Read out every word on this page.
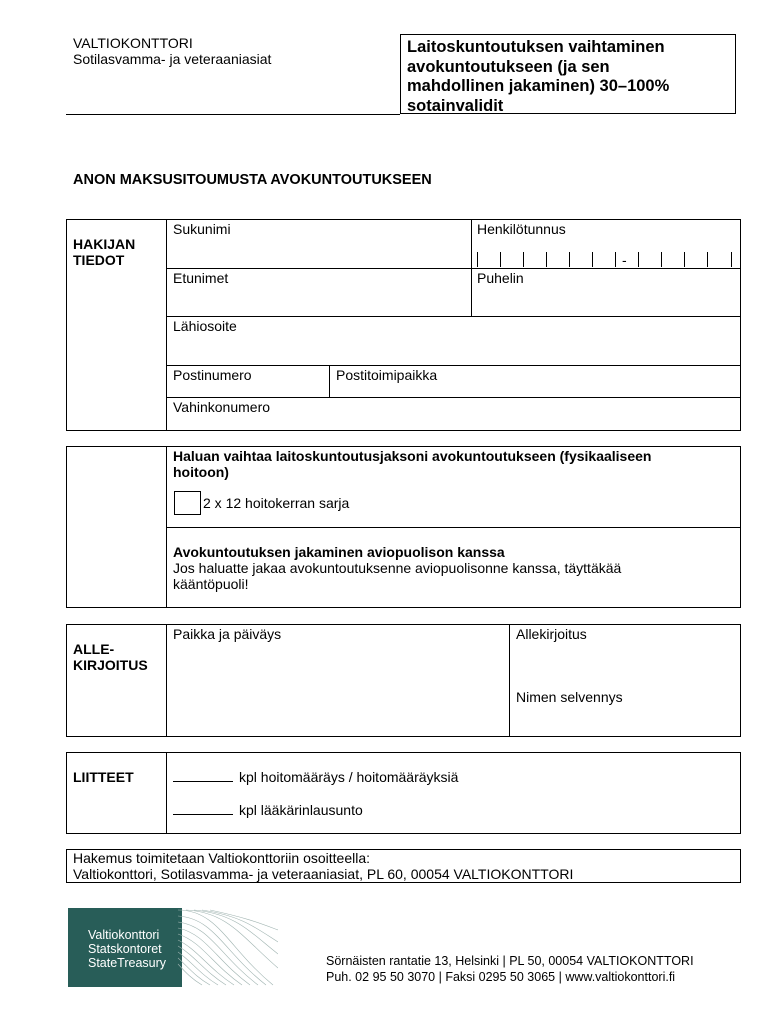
VALTIOKONTTORI
Sotilasvamma- ja veteraaniasiat
Laitoskuntoutuksen vaihtaminen
avokuntoutukseen (ja sen
mahdollinen jakaminen) 30–100%
sotainvalidit
ANON MAKSUSITOUMUSTA AVOKUNTOUTUKSEEN
HAKIJAN
TIEDOT
Sukunimi	Henkilötunnus
-
Etunimet	Puhelin
Lähiosoite
Postinumero	Postitoimipaikka
Vahinkonumero
Haluan vaihtaa laitoskuntoutusjaksoni avokuntoutukseen (fysikaaliseen
hoitoon)
2 x 12 hoitokerran sarja
Avokuntoutuksen jakaminen aviopuolison kanssa
Jos haluatte jakaa avokuntoutuksenne aviopuolisonne kanssa, täyttäkää
kääntöpuoli!
ALLE-
KIRJOITUS
Paikka ja päiväys	Allekirjoitus
Nimen selvennys
LIITTEET	kpl hoitomääräys / hoitomääräyksiä
kpl lääkärinlausunto
Hakemus toimitetaan Valtiokonttoriin osoitteella:
Valtiokonttori, Sotilasvamma- ja veteraaniasiat, PL 60, 00054 VALTIOKONTTORI
Valtiokonttori
Statskontoret
StateTreasury	Sörnäisten rantatie 13, Helsinki | PL 50, 00054 VALTIOKONTTORI
Puh. 02 95 50 3070 | Faksi 0295 50 3065 | www.valtiokonttori.fi
